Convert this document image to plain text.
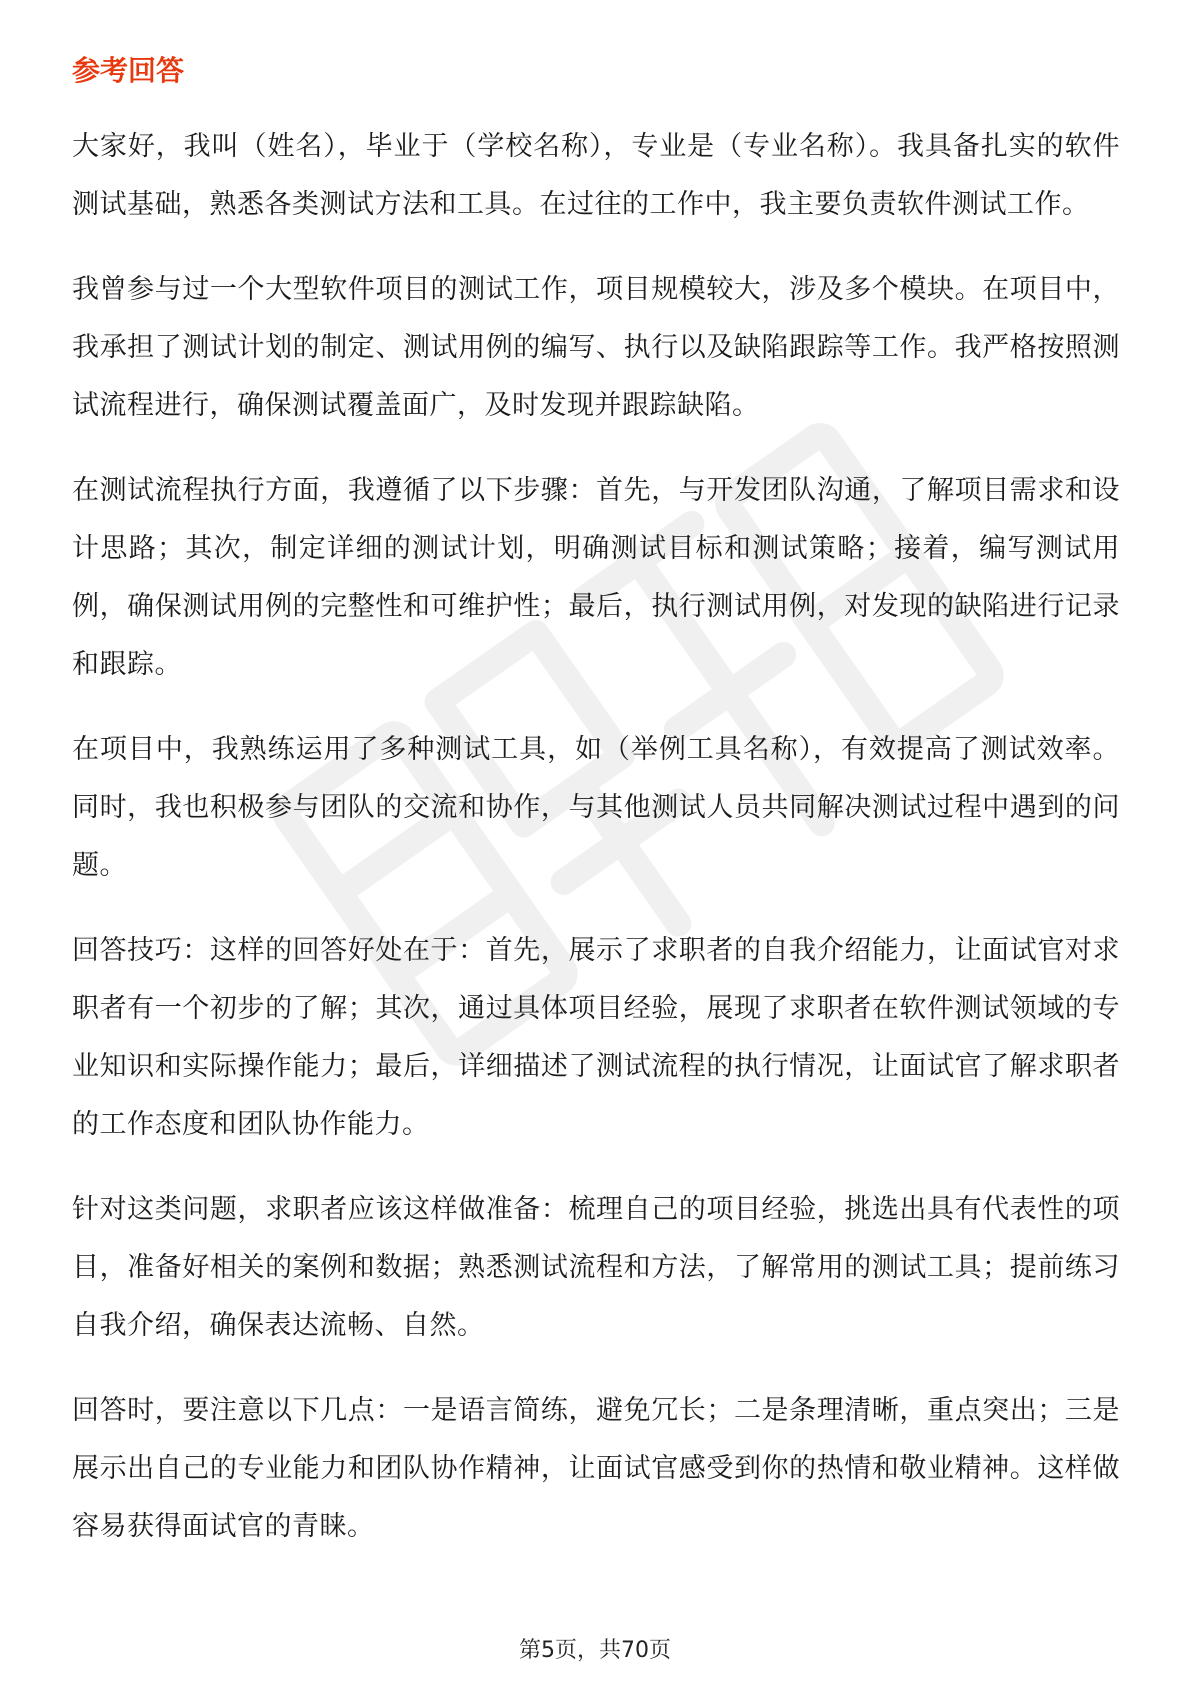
参考回答

大家好，我叫（姓名），毕业于（学校名称），专业是（专业名称）。我具备扎实的软件测试基础，熟悉各类测试方法和工具。在过往的工作中，我主要负责软件测试工作。

我曾参与过一个大型软件项目的测试工作，项目规模较大，涉及多个模块。在项目中，我承担了测试计划的制定、测试用例的编写、执行以及缺陷跟踪等工作。我严格按照测试流程进行，确保测试覆盖面广，及时发现并跟踪缺陷。

在测试流程执行方面，我遵循了以下步骤：首先，与开发团队沟通，了解项目需求和设计思路；其次，制定详细的测试计划，明确测试目标和测试策略；接着，编写测试用例，确保测试用例的完整性和可维护性；最后，执行测试用例，对发现的缺陷进行记录和跟踪。

在项目中，我熟练运用了多种测试工具，如（举例工具名称），有效提高了测试效率。同时，我也积极参与团队的交流和协作，与其他测试人员共同解决测试过程中遇到的问题。

回答技巧：这样的回答好处在于：首先，展示了求职者的自我介绍能力，让面试官对求职者有一个初步的了解；其次，通过具体项目经验，展现了求职者在软件测试领域的专业知识和实际操作能力；最后，详细描述了测试流程的执行情况，让面试官了解求职者的工作态度和团队协作能力。

针对这类问题，求职者应该这样做准备：梳理自己的项目经验，挑选出具有代表性的项目，准备好相关的案例和数据；熟悉测试流程和方法，了解常用的测试工具；提前练习自我介绍，确保表达流畅、自然。

回答时，要注意以下几点：一是语言简练，避免冗长；二是条理清晰，重点突出；三是展示出自己的专业能力和团队协作精神，让面试官感受到你的热情和敬业精神。这样做容易获得面试官的青睐。

第5页，共70页
